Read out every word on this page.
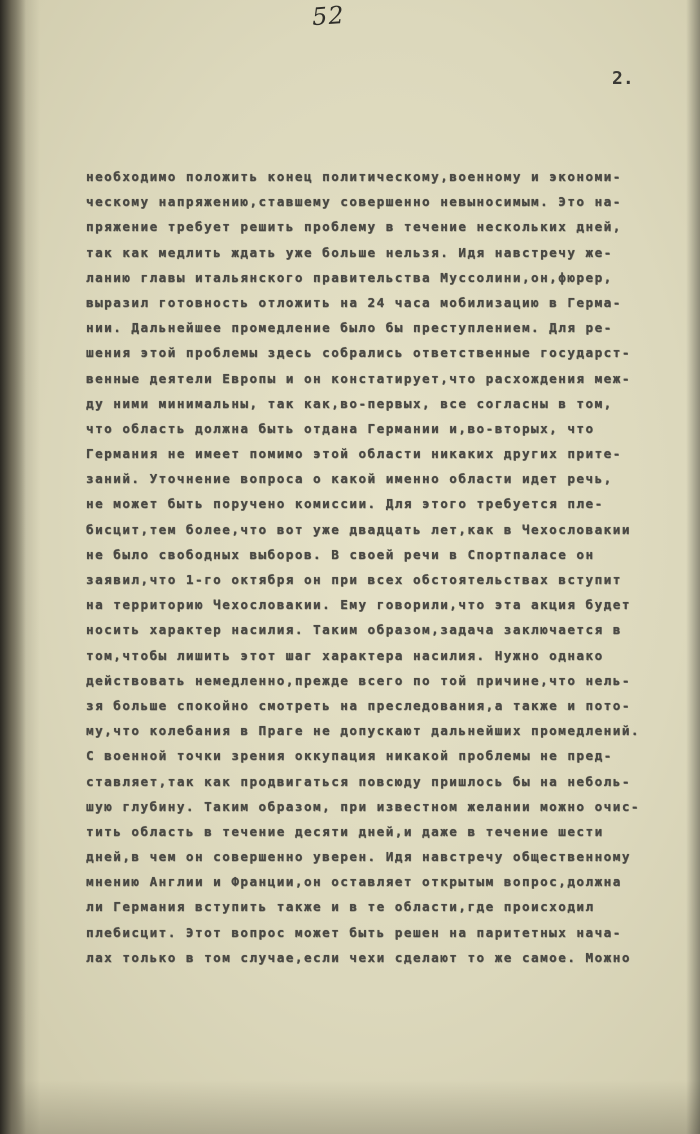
52
2.
необходимо положить конец политическому,военному и экономи-
ческому напряжению,ставшему совершенно невыносимым. Это на-
пряжение требует решить проблему в течение нескольких дней,
так как медлить ждать уже больше нельзя. Идя навстречу же-
ланию главы итальянского правительства Муссолини,он,фюрер,
выразил готовность отложить на 24 часа мобилизацию в Герма-
нии. Дальнейшее промедление было бы преступлением. Для ре-
шения этой проблемы здесь собрались ответственные государст-
венные деятели Европы и он констатирует,что расхождения меж-
ду ними минимальны, так как,во-первых, все согласны в том,
что область должна быть отдана Германии и,во-вторых, что
Германия не имеет помимо этой области никаких других прите-
заний. Уточнение вопроса о какой именно области идет речь,
не может быть поручено комиссии. Для этого требуется пле-
бисцит,тем более,что вот уже двадцать лет,как в Чехословакии
не было свободных выборов. В своей речи в Спортпаласе он
заявил,что 1-го октября он при всех обстоятельствах вступит
на территорию Чехословакии. Ему говорили,что эта акция будет
носить характер насилия. Таким образом,задача заключается в
том,чтобы лишить этот шаг характера насилия. Нужно однако
действовать немедленно,прежде всего по той причине,что нель-
зя больше спокойно смотреть на преследования,а также и пото-
му,что колебания в Праге не допускают дальнейших промедлений.
С военной точки зрения оккупация никакой проблемы не пред-
ставляет,так как продвигаться повсюду пришлось бы на неболь-
шую глубину. Таким образом, при известном желании можно очис-
тить область в течение десяти дней,и даже в течение шести
дней,в чем он совершенно уверен. Идя навстречу общественному
мнению Англии и Франции,он оставляет открытым вопрос,должна
ли Германия вступить также и в те области,где происходил
плебисцит. Этот вопрос может быть решен на паритетных нача-
лах только в том случае,если чехи сделают то же самое. Можно
